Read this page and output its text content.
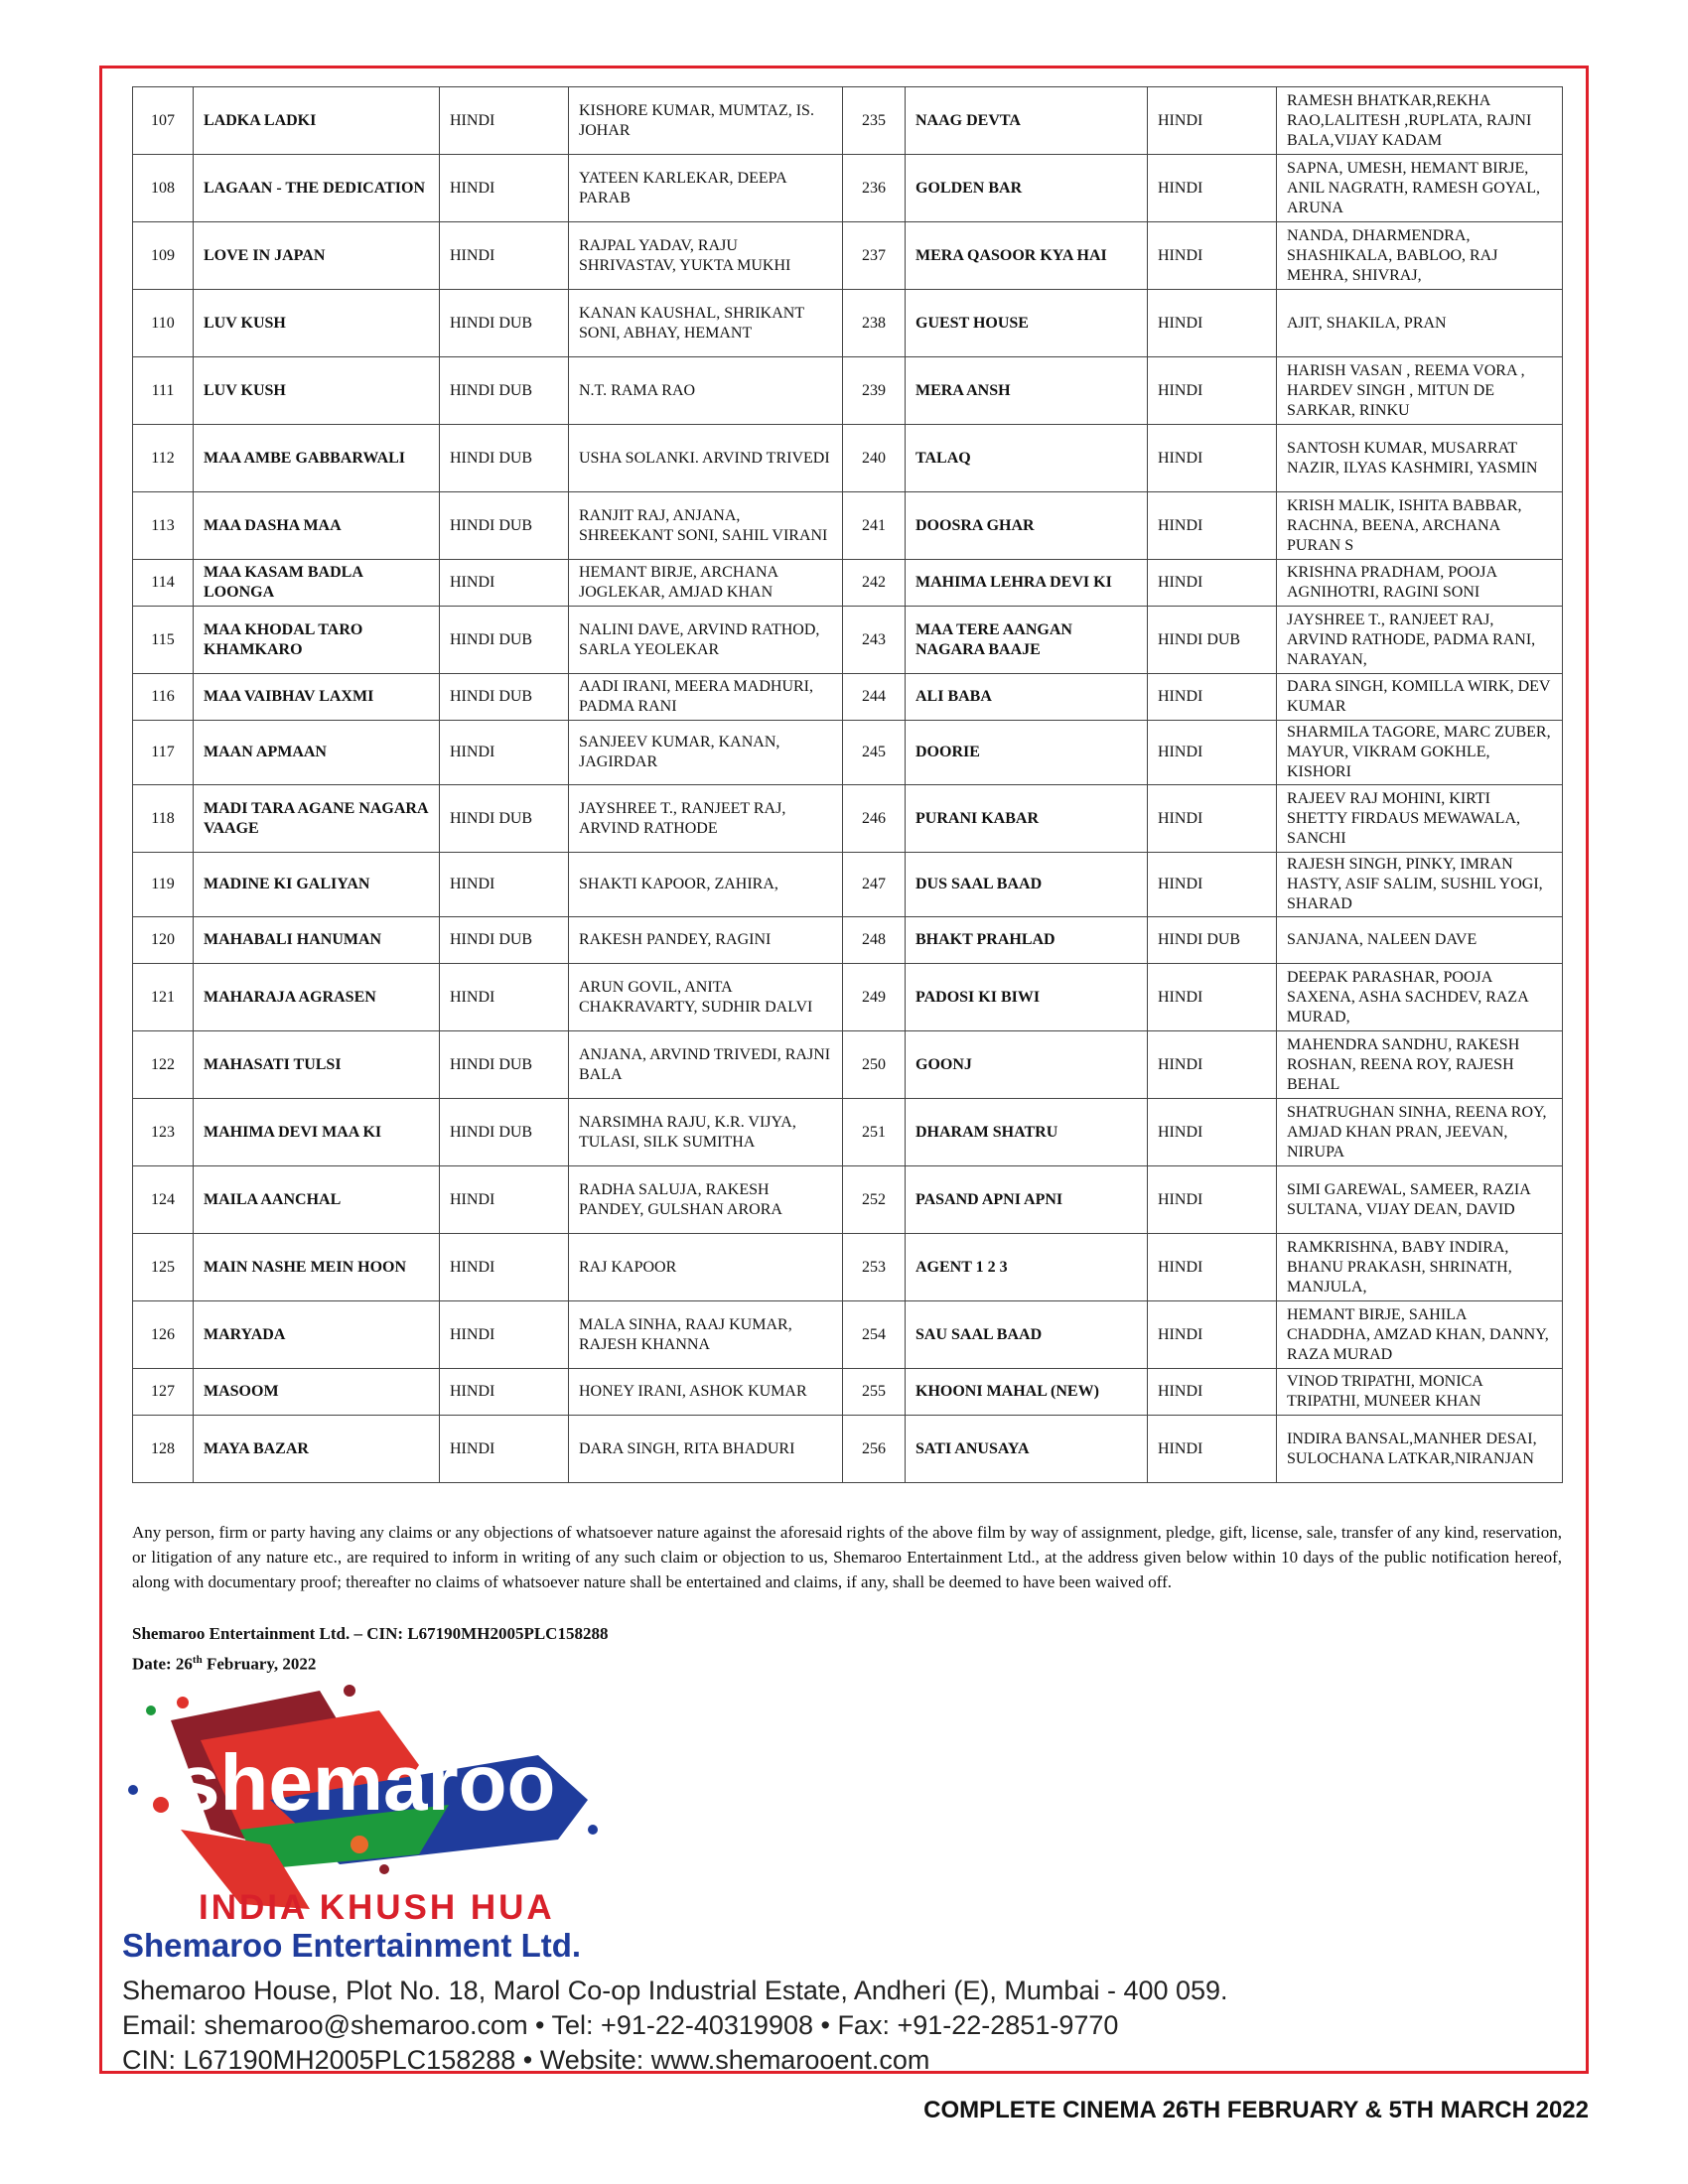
107	LADKA LADKI	HINDI	KISHORE KUMAR, MUMTAZ, IS. JOHAR	235	NAAG DEVTA	HINDI	RAMESH BHATKAR,REKHA RAO,LALITESH ,RUPLATA, RAJNI BALA,VIJAY KADAM
108	LAGAAN - THE DEDICATION	HINDI	YATEEN KARLEKAR, DEEPA PARAB	236	GOLDEN BAR	HINDI	SAPNA, UMESH, HEMANT BIRJE, ANIL NAGRATH, RAMESH GOYAL, ARUNA
109	LOVE IN JAPAN	HINDI	RAJPAL YADAV, RAJU SHRIVASTAV, YUKTA MUKHI	237	MERA QASOOR KYA HAI	HINDI	NANDA, DHARMENDRA, SHASHIKALA, BABLOO, RAJ MEHRA, SHIVRAJ,
110	LUV KUSH	HINDI DUB	KANAN KAUSHAL, SHRIKANT SONI, ABHAY, HEMANT	238	GUEST HOUSE	HINDI	AJIT, SHAKILA, PRAN
111	LUV KUSH	HINDI DUB	N.T. RAMA RAO	239	MERA ANSH	HINDI	HARISH VASAN , REEMA VORA , HARDEV SINGH , MITUN DE SARKAR, RINKU
112	MAA AMBE GABBARWALI	HINDI DUB	USHA SOLANKI. ARVIND TRIVEDI	240	TALAQ	HINDI	SANTOSH KUMAR, MUSARRAT NAZIR, ILYAS KASHMIRI, YASMIN
113	MAA DASHA MAA	HINDI DUB	RANJIT RAJ, ANJANA, SHREEKANT SONI, SAHIL VIRANI	241	DOOSRA GHAR	HINDI	KRISH MALIK, ISHITA BABBAR, RACHNA, BEENA, ARCHANA PURAN S
114	MAA KASAM BADLA LOONGA	HINDI	HEMANT BIRJE, ARCHANA JOGLEKAR, AMJAD KHAN	242	MAHIMA LEHRA DEVI KI	HINDI	KRISHNA PRADHAM, POOJA AGNIHOTRI, RAGINI SONI
115	MAA KHODAL TARO KHAMKARO	HINDI DUB	NALINI DAVE, ARVIND RATHOD, SARLA YEOLEKAR	243	MAA TERE AANGAN NAGARA BAAJE	HINDI DUB	JAYSHREE T., RANJEET RAJ, ARVIND RATHODE, PADMA RANI, NARAYAN,
116	MAA VAIBHAV LAXMI	HINDI DUB	AADI IRANI, MEERA MADHURI, PADMA RANI	244	ALI BABA	HINDI	DARA SINGH, KOMILLA WIRK, DEV KUMAR
117	MAAN APMAAN	HINDI	SANJEEV KUMAR, KANAN, JAGIRDAR	245	DOORIE	HINDI	SHARMILA TAGORE, MARC ZUBER, MAYUR, VIKRAM GOKHLE, KISHORI
118	MADI TARA AGANE NAGARA VAAGE	HINDI DUB	JAYSHREE T., RANJEET RAJ, ARVIND RATHODE	246	PURANI KABAR	HINDI	RAJEEV RAJ MOHINI, KIRTI SHETTY FIRDAUS MEWAWALA, SANCHI
119	MADINE KI GALIYAN	HINDI	SHAKTI KAPOOR, ZAHIRA,	247	DUS SAAL BAAD	HINDI	RAJESH SINGH, PINKY, IMRAN HASTY, ASIF SALIM, SUSHIL YOGI, SHARAD
120	MAHABALI HANUMAN	HINDI DUB	RAKESH PANDEY, RAGINI	248	BHAKT PRAHLAD	HINDI DUB	SANJANA, NALEEN DAVE
121	MAHARAJA AGRASEN	HINDI	ARUN GOVIL, ANITA CHAKRAVARTY, SUDHIR DALVI	249	PADOSI KI BIWI	HINDI	DEEPAK PARASHAR, POOJA SAXENA, ASHA SACHDEV, RAZA MURAD,
122	MAHASATI TULSI	HINDI DUB	ANJANA, ARVIND TRIVEDI, RAJNI BALA	250	GOONJ	HINDI	MAHENDRA SANDHU, RAKESH ROSHAN, REENA ROY, RAJESH BEHAL
123	MAHIMA DEVI MAA KI	HINDI DUB	NARSIMHA RAJU, K.R. VIJYA, TULASI, SILK SUMITHA	251	DHARAM SHATRU	HINDI	SHATRUGHAN SINHA, REENA ROY, AMJAD KHAN PRAN, JEEVAN, NIRUPA
124	MAILA AANCHAL	HINDI	RADHA SALUJA, RAKESH PANDEY, GULSHAN ARORA	252	PASAND APNI APNI	HINDI	SIMI GAREWAL, SAMEER, RAZIA SULTANA, VIJAY DEAN, DAVID
125	MAIN NASHE MEIN HOON	HINDI	RAJ KAPOOR	253	AGENT 1 2 3	HINDI	RAMKRISHNA, BABY INDIRA, BHANU PRAKASH, SHRINATH, MANJULA,
126	MARYADA	HINDI	MALA SINHA, RAAJ KUMAR, RAJESH KHANNA	254	SAU SAAL BAAD	HINDI	HEMANT BIRJE, SAHILA CHADDHA, AMZAD KHAN, DANNY, RAZA MURAD
127	MASOOM	HINDI	HONEY IRANI, ASHOK KUMAR	255	KHOONI MAHAL (NEW)	HINDI	VINOD TRIPATHI, MONICA TRIPATHI, MUNEER KHAN
128	MAYA BAZAR	HINDI	DARA SINGH, RITA BHADURI	256	SATI ANUSAYA	HINDI	INDIRA BANSAL,MANHER DESAI, SULOCHANA LATKAR,NIRANJAN

Any person, firm or party having any claims or any objections of whatsoever nature against the aforesaid rights of the above film by way of assignment, pledge, gift, license, sale, transfer of any kind, reservation, or litigation of any nature etc., are required to inform in writing of any such claim or objection to us, Shemaroo Entertainment Ltd., at the address given below within 10 days of the public notification hereof, along with documentary proof; thereafter no claims of whatsoever nature shall be entertained and claims, if any, shall be deemed to have been waived off.

Shemaroo Entertainment Ltd. – CIN: L67190MH2005PLC158288
Date: 26th February, 2022
shemaroo
INDIA KHUSH HUA
Shemaroo Entertainment Ltd.
Shemaroo House, Plot No. 18, Marol Co-op Industrial Estate, Andheri (E), Mumbai - 400 059.
Email: shemaroo@shemaroo.com • Tel: +91-22-40319908 • Fax: +91-22-2851-9770
CIN: L67190MH2005PLC158288 • Website: www.shemarooent.com
COMPLETE CINEMA 26TH FEBRUARY & 5TH MARCH 2022
